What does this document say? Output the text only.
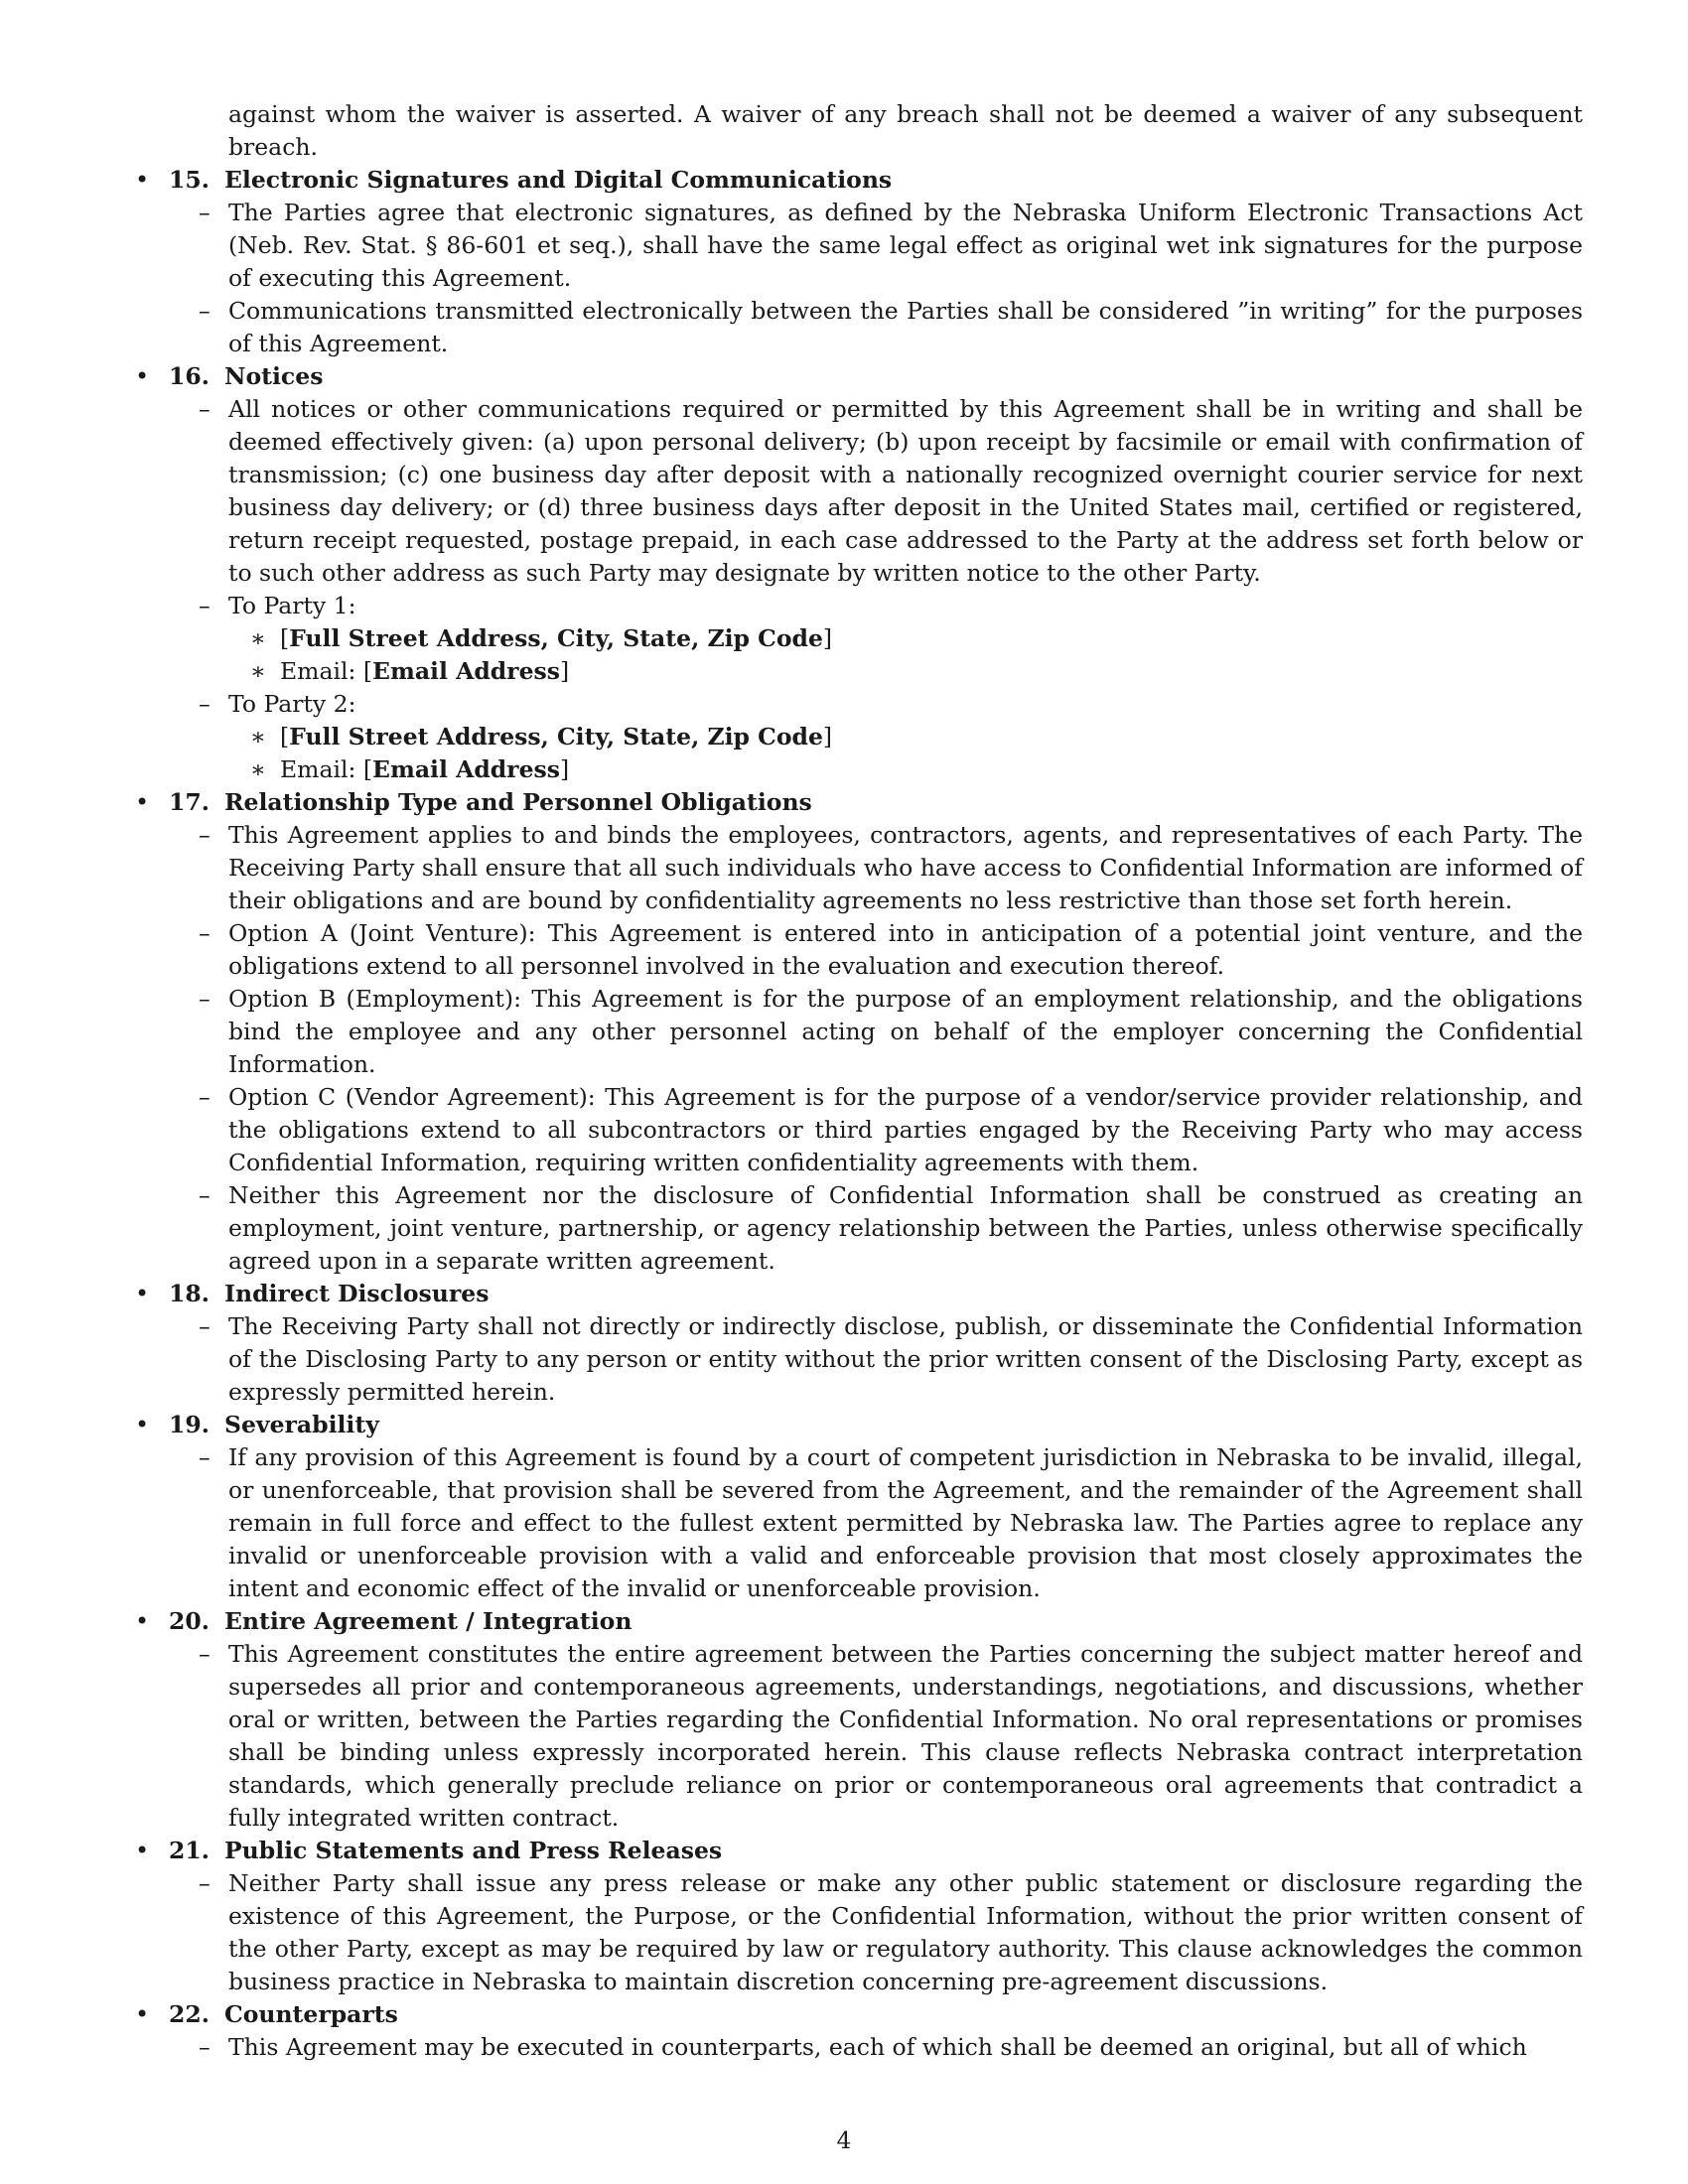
against whom the waiver is asserted. A waiver of any breach shall not be deemed a waiver of any subsequent breach.

• 15. Electronic Signatures and Digital Communications
– The Parties agree that electronic signatures, as defined by the Nebraska Uniform Electronic Transactions Act (Neb. Rev. Stat. § 86-601 et seq.), shall have the same legal effect as original wet ink signatures for the purpose of executing this Agreement.
– Communications transmitted electronically between the Parties shall be considered ”in writing” for the purposes of this Agreement.
• 16. Notices
– All notices or other communications required or permitted by this Agreement shall be in writing and shall be deemed effectively given: (a) upon personal delivery; (b) upon receipt by facsimile or email with confirmation of transmission; (c) one business day after deposit with a nationally recognized overnight courier service for next business day delivery; or (d) three business days after deposit in the United States mail, certified or registered, return receipt requested, postage prepaid, in each case addressed to the Party at the address set forth below or to such other address as such Party may designate by written notice to the other Party.
– To Party 1:
∗ [Full Street Address, City, State, Zip Code]
∗ Email: [Email Address]
– To Party 2:
∗ [Full Street Address, City, State, Zip Code]
∗ Email: [Email Address]
• 17. Relationship Type and Personnel Obligations
– This Agreement applies to and binds the employees, contractors, agents, and representatives of each Party. The Receiving Party shall ensure that all such individuals who have access to Confidential Information are informed of their obligations and are bound by confidentiality agreements no less restrictive than those set forth herein.
– Option A (Joint Venture): This Agreement is entered into in anticipation of a potential joint venture, and the obligations extend to all personnel involved in the evaluation and execution thereof.
– Option B (Employment): This Agreement is for the purpose of an employment relationship, and the obligations bind the employee and any other personnel acting on behalf of the employer concerning the Confidential Information.
– Option C (Vendor Agreement): This Agreement is for the purpose of a vendor/service provider relationship, and the obligations extend to all subcontractors or third parties engaged by the Receiving Party who may access Confidential Information, requiring written confidentiality agreements with them.
– Neither this Agreement nor the disclosure of Confidential Information shall be construed as creating an employment, joint venture, partnership, or agency relationship between the Parties, unless otherwise specifically agreed upon in a separate written agreement.
• 18. Indirect Disclosures
– The Receiving Party shall not directly or indirectly disclose, publish, or disseminate the Confidential Information of the Disclosing Party to any person or entity without the prior written consent of the Disclosing Party, except as expressly permitted herein.
• 19. Severability
– If any provision of this Agreement is found by a court of competent jurisdiction in Nebraska to be invalid, illegal, or unenforceable, that provision shall be severed from the Agreement, and the remainder of the Agreement shall remain in full force and effect to the fullest extent permitted by Nebraska law. The Parties agree to replace any invalid or unenforceable provision with a valid and enforceable provision that most closely approximates the intent and economic effect of the invalid or unenforceable provision.
• 20. Entire Agreement / Integration
– This Agreement constitutes the entire agreement between the Parties concerning the subject matter hereof and supersedes all prior and contemporaneous agreements, understandings, negotiations, and discussions, whether oral or written, between the Parties regarding the Confidential Information. No oral representations or promises shall be binding unless expressly incorporated herein. This clause reflects Nebraska contract interpretation standards, which generally preclude reliance on prior or contemporaneous oral agreements that contradict a fully integrated written contract.
• 21. Public Statements and Press Releases
– Neither Party shall issue any press release or make any other public statement or disclosure regarding the existence of this Agreement, the Purpose, or the Confidential Information, without the prior written consent of the other Party, except as may be required by law or regulatory authority. This clause acknowledges the common business practice in Nebraska to maintain discretion concerning pre-agreement discussions.
• 22. Counterparts
– This Agreement may be executed in counterparts, each of which shall be deemed an original, but all of which
4
